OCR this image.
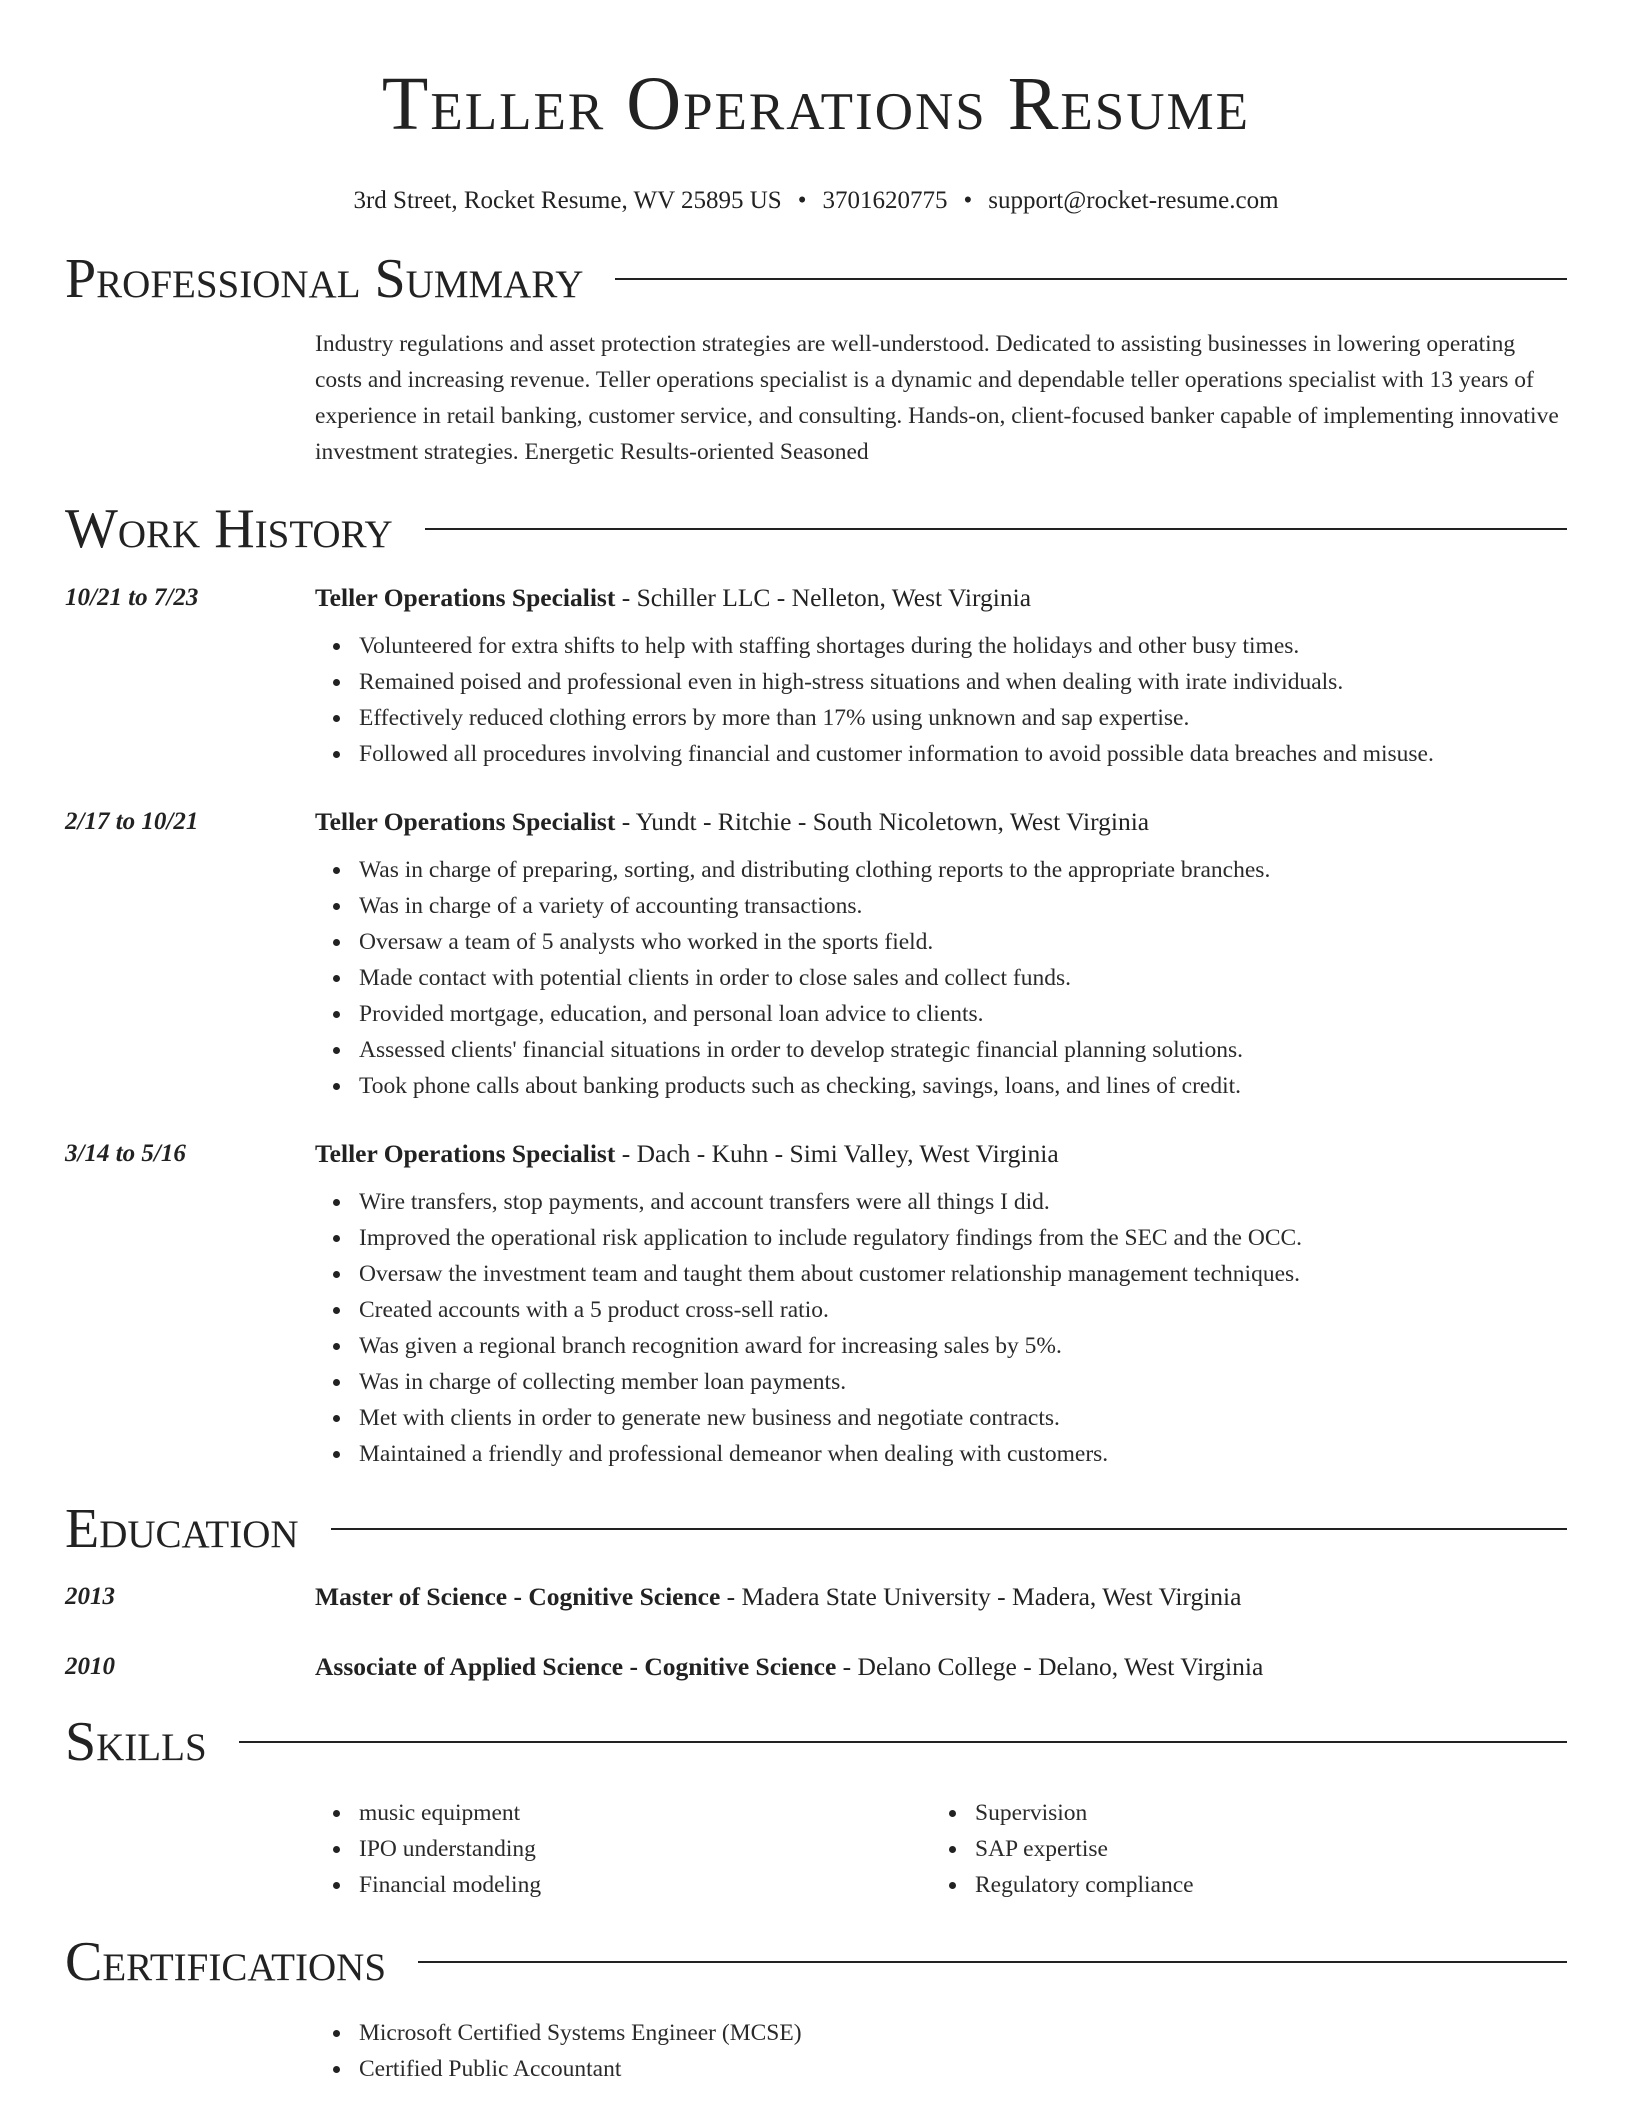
Teller Operations Resume
3rd Street, Rocket Resume, WV 25895 US • 3701620775 • support@rocket-resume.com
Professional Summary
Industry regulations and asset protection strategies are well-understood. Dedicated to assisting businesses in lowering operating costs and increasing revenue. Teller operations specialist is a dynamic and dependable teller operations specialist with 13 years of experience in retail banking, customer service, and consulting. Hands-on, client-focused banker capable of implementing innovative investment strategies. Energetic Results-oriented Seasoned
Work History
10/21 to 7/23	Teller Operations Specialist - Schiller LLC - Nelleton, West Virginia
Volunteered for extra shifts to help with staffing shortages during the holidays and other busy times.
Remained poised and professional even in high-stress situations and when dealing with irate individuals.
Effectively reduced clothing errors by more than 17% using unknown and sap expertise.
Followed all procedures involving financial and customer information to avoid possible data breaches and misuse.
2/17 to 10/21	Teller Operations Specialist - Yundt - Ritchie - South Nicoletown, West Virginia
Was in charge of preparing, sorting, and distributing clothing reports to the appropriate branches.
Was in charge of a variety of accounting transactions.
Oversaw a team of 5 analysts who worked in the sports field.
Made contact with potential clients in order to close sales and collect funds.
Provided mortgage, education, and personal loan advice to clients.
Assessed clients' financial situations in order to develop strategic financial planning solutions.
Took phone calls about banking products such as checking, savings, loans, and lines of credit.
3/14 to 5/16	Teller Operations Specialist - Dach - Kuhn - Simi Valley, West Virginia
Wire transfers, stop payments, and account transfers were all things I did.
Improved the operational risk application to include regulatory findings from the SEC and the OCC.
Oversaw the investment team and taught them about customer relationship management techniques.
Created accounts with a 5 product cross-sell ratio.
Was given a regional branch recognition award for increasing sales by 5%.
Was in charge of collecting member loan payments.
Met with clients in order to generate new business and negotiate contracts.
Maintained a friendly and professional demeanor when dealing with customers.
Education
2013	Master of Science - Cognitive Science - Madera State University - Madera, West Virginia
2010	Associate of Applied Science - Cognitive Science - Delano College - Delano, West Virginia
Skills
music equipment
IPO understanding
Financial modeling
Supervision
SAP expertise
Regulatory compliance
Certifications
Microsoft Certified Systems Engineer (MCSE)
Certified Public Accountant
